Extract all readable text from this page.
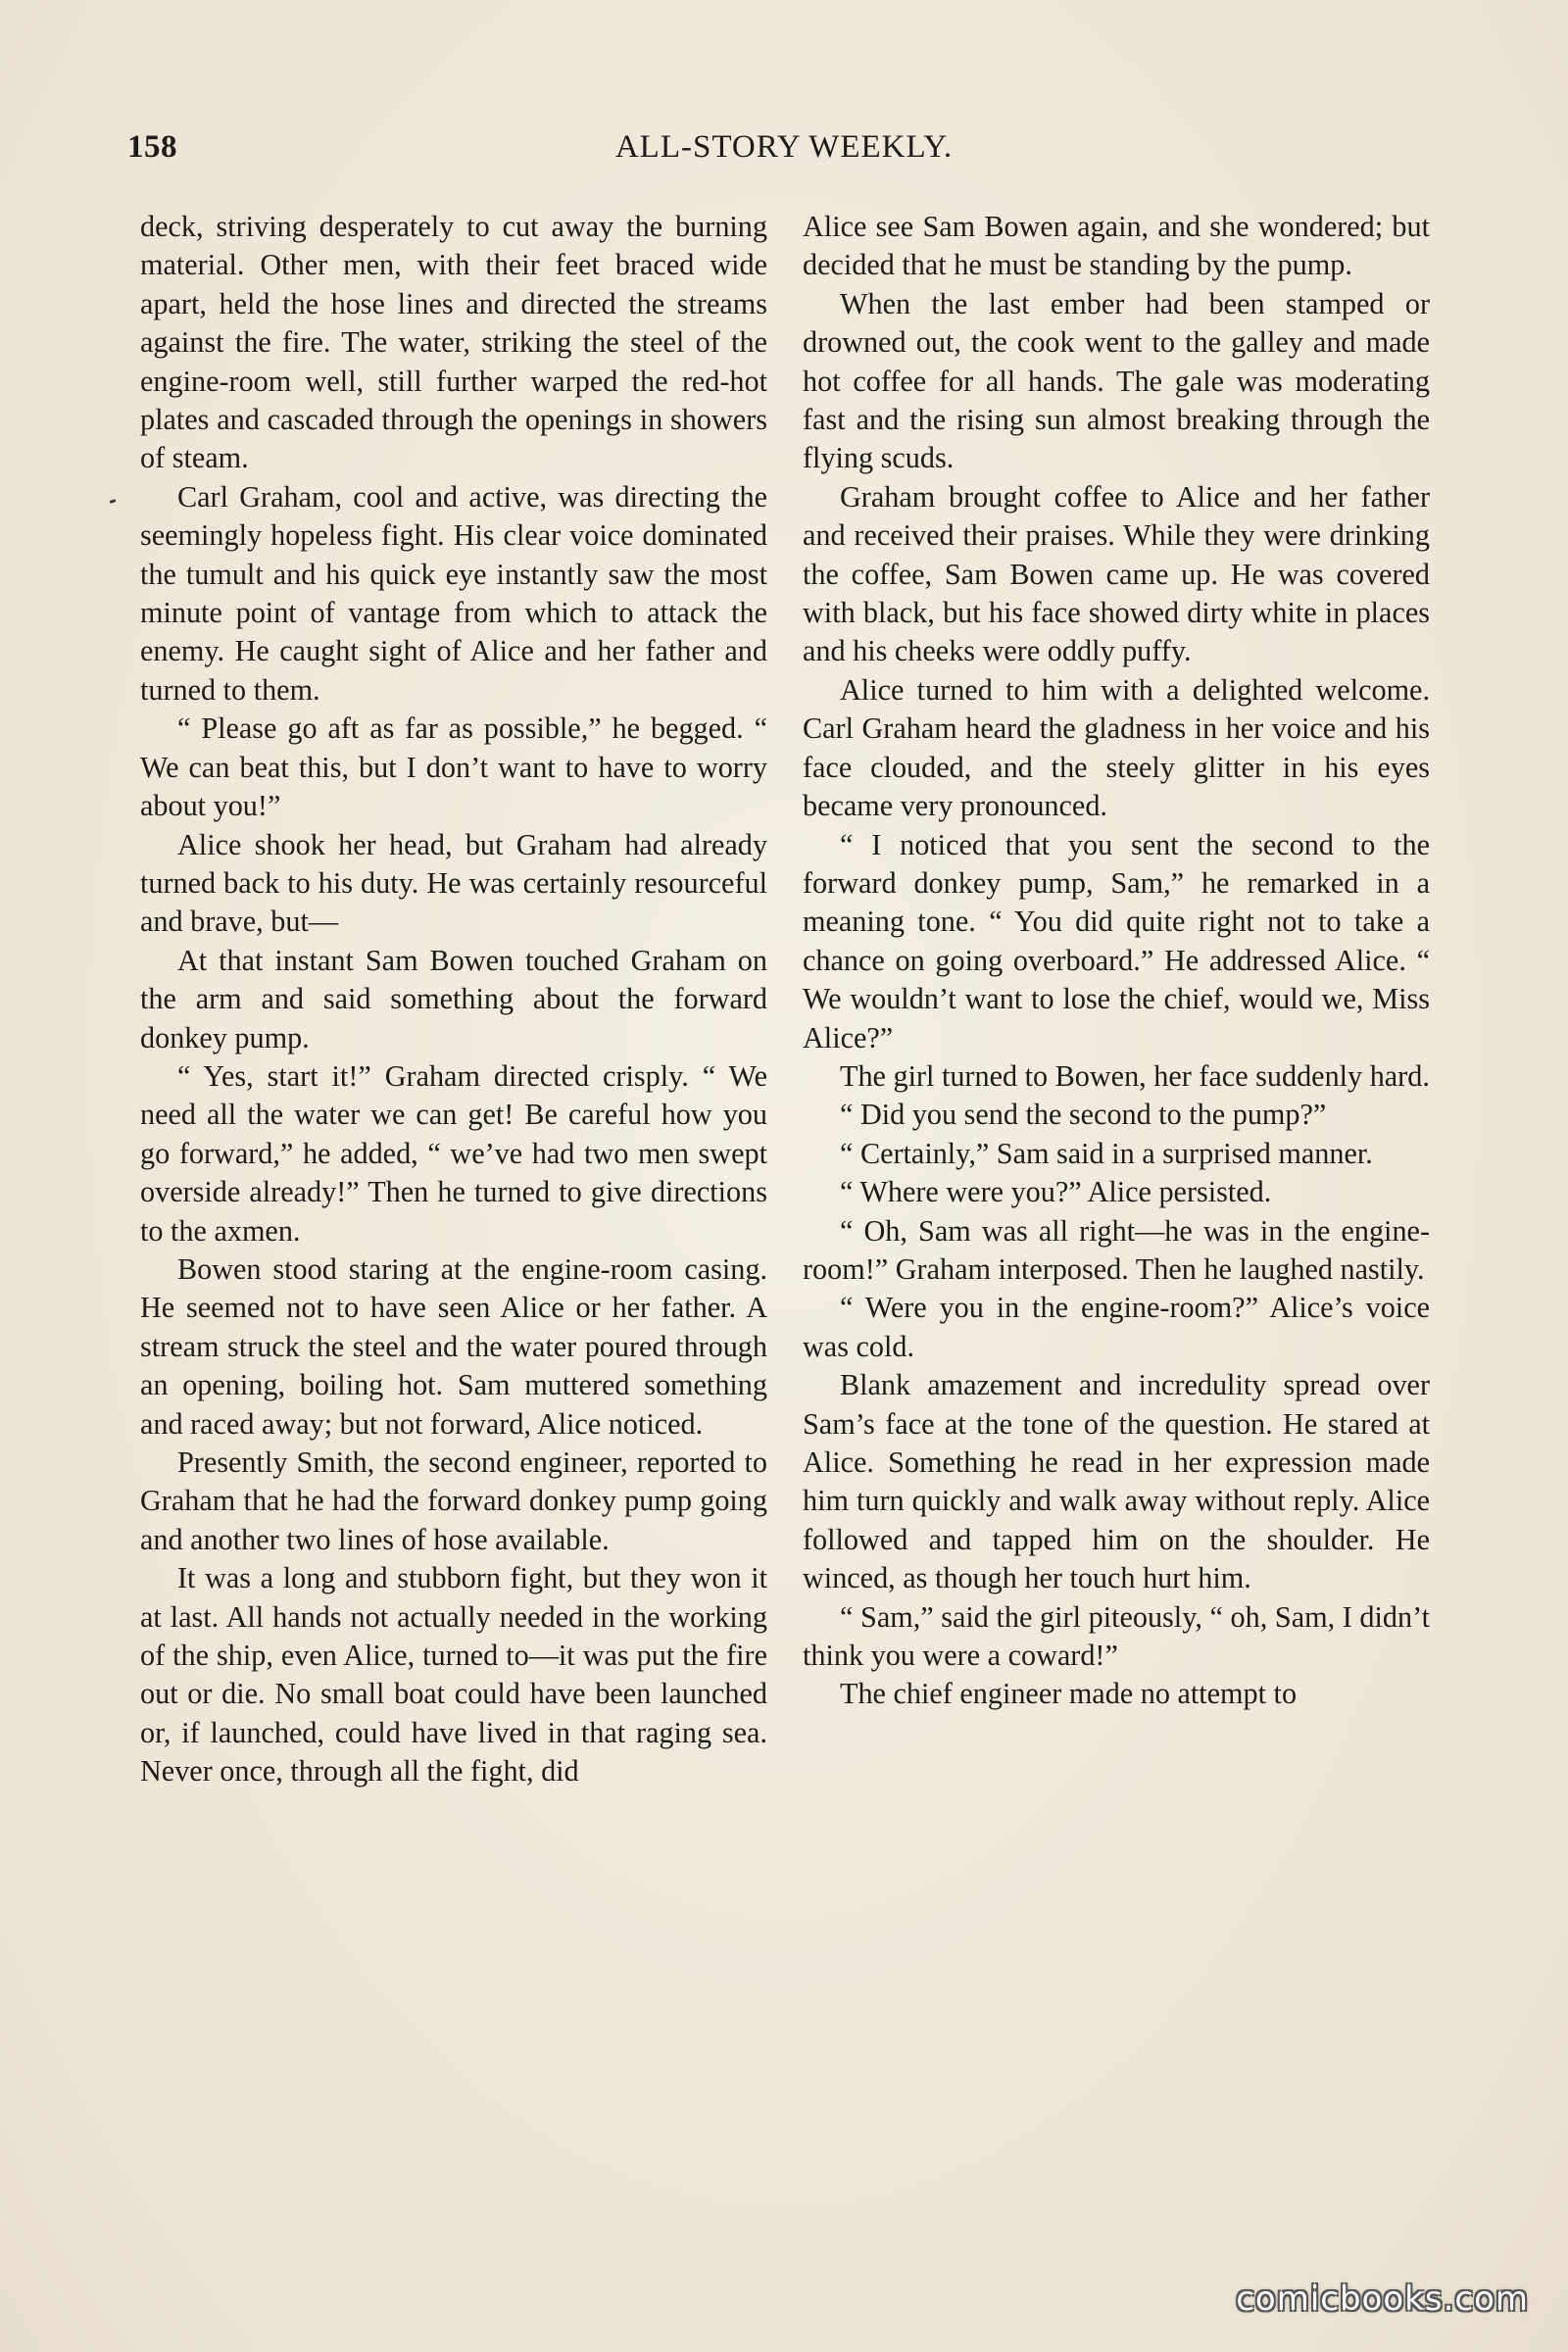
158	ALL-STORY WEEKLY.

deck, striving desperately to cut away the burning material. Other men, with their feet braced wide apart, held the hose lines and directed the streams against the fire. The water, striking the steel of the engine-room well, still further warped the red-hot plates and cascaded through the openings in showers of steam.

Carl Graham, cool and active, was directing the seemingly hopeless fight. His clear voice dominated the tumult and his quick eye instantly saw the most minute point of vantage from which to attack the enemy. He caught sight of Alice and her father and turned to them.

“ Please go aft as far as possible,” he begged. “ We can beat this, but I don’t want to have to worry about you!”

Alice shook her head, but Graham had already turned back to his duty. He was certainly resourceful and brave, but—

At that instant Sam Bowen touched Graham on the arm and said something about the forward donkey pump.

“ Yes, start it!” Graham directed crisply. “ We need all the water we can get! Be careful how you go forward,” he added, “ we’ve had two men swept overside already!” Then he turned to give directions to the axmen.

Bowen stood staring at the engine-room casing. He seemed not to have seen Alice or her father. A stream struck the steel and the water poured through an opening, boiling hot. Sam muttered something and raced away; but not forward, Alice noticed.

Presently Smith, the second engineer, reported to Graham that he had the forward donkey pump going and another two lines of hose available.

It was a long and stubborn fight, but they won it at last. All hands not actually needed in the working of the ship, even Alice, turned to—it was put the fire out or die. No small boat could have been launched or, if launched, could have lived in that raging sea. Never once, through all the fight, did

Alice see Sam Bowen again, and she wondered; but decided that he must be standing by the pump.

When the last ember had been stamped or drowned out, the cook went to the galley and made hot coffee for all hands. The gale was moderating fast and the rising sun almost breaking through the flying scuds.

Graham brought coffee to Alice and her father and received their praises. While they were drinking the coffee, Sam Bowen came up. He was covered with black, but his face showed dirty white in places and his cheeks were oddly puffy.

Alice turned to him with a delighted welcome. Carl Graham heard the gladness in her voice and his face clouded, and the steely glitter in his eyes became very pronounced.

“ I noticed that you sent the second to the forward donkey pump, Sam,” he remarked in a meaning tone. “ You did quite right not to take a chance on going overboard.” He addressed Alice. “ We wouldn’t want to lose the chief, would we, Miss Alice?”

The girl turned to Bowen, her face suddenly hard.

“ Did you send the second to the pump?”

“ Certainly,” Sam said in a surprised manner.

“ Where were you?” Alice persisted.

“ Oh, Sam was all right—he was in the engine-room!” Graham interposed. Then he laughed nastily.

“ Were you in the engine-room?” Alice’s voice was cold.

Blank amazement and incredulity spread over Sam’s face at the tone of the question. He stared at Alice. Something he read in her expression made him turn quickly and walk away without reply. Alice followed and tapped him on the shoulder. He winced, as though her touch hurt him.

“ Sam,” said the girl piteously, “ oh, Sam, I didn’t think you were a coward!”

The chief engineer made no attempt to

comicbooks.com
